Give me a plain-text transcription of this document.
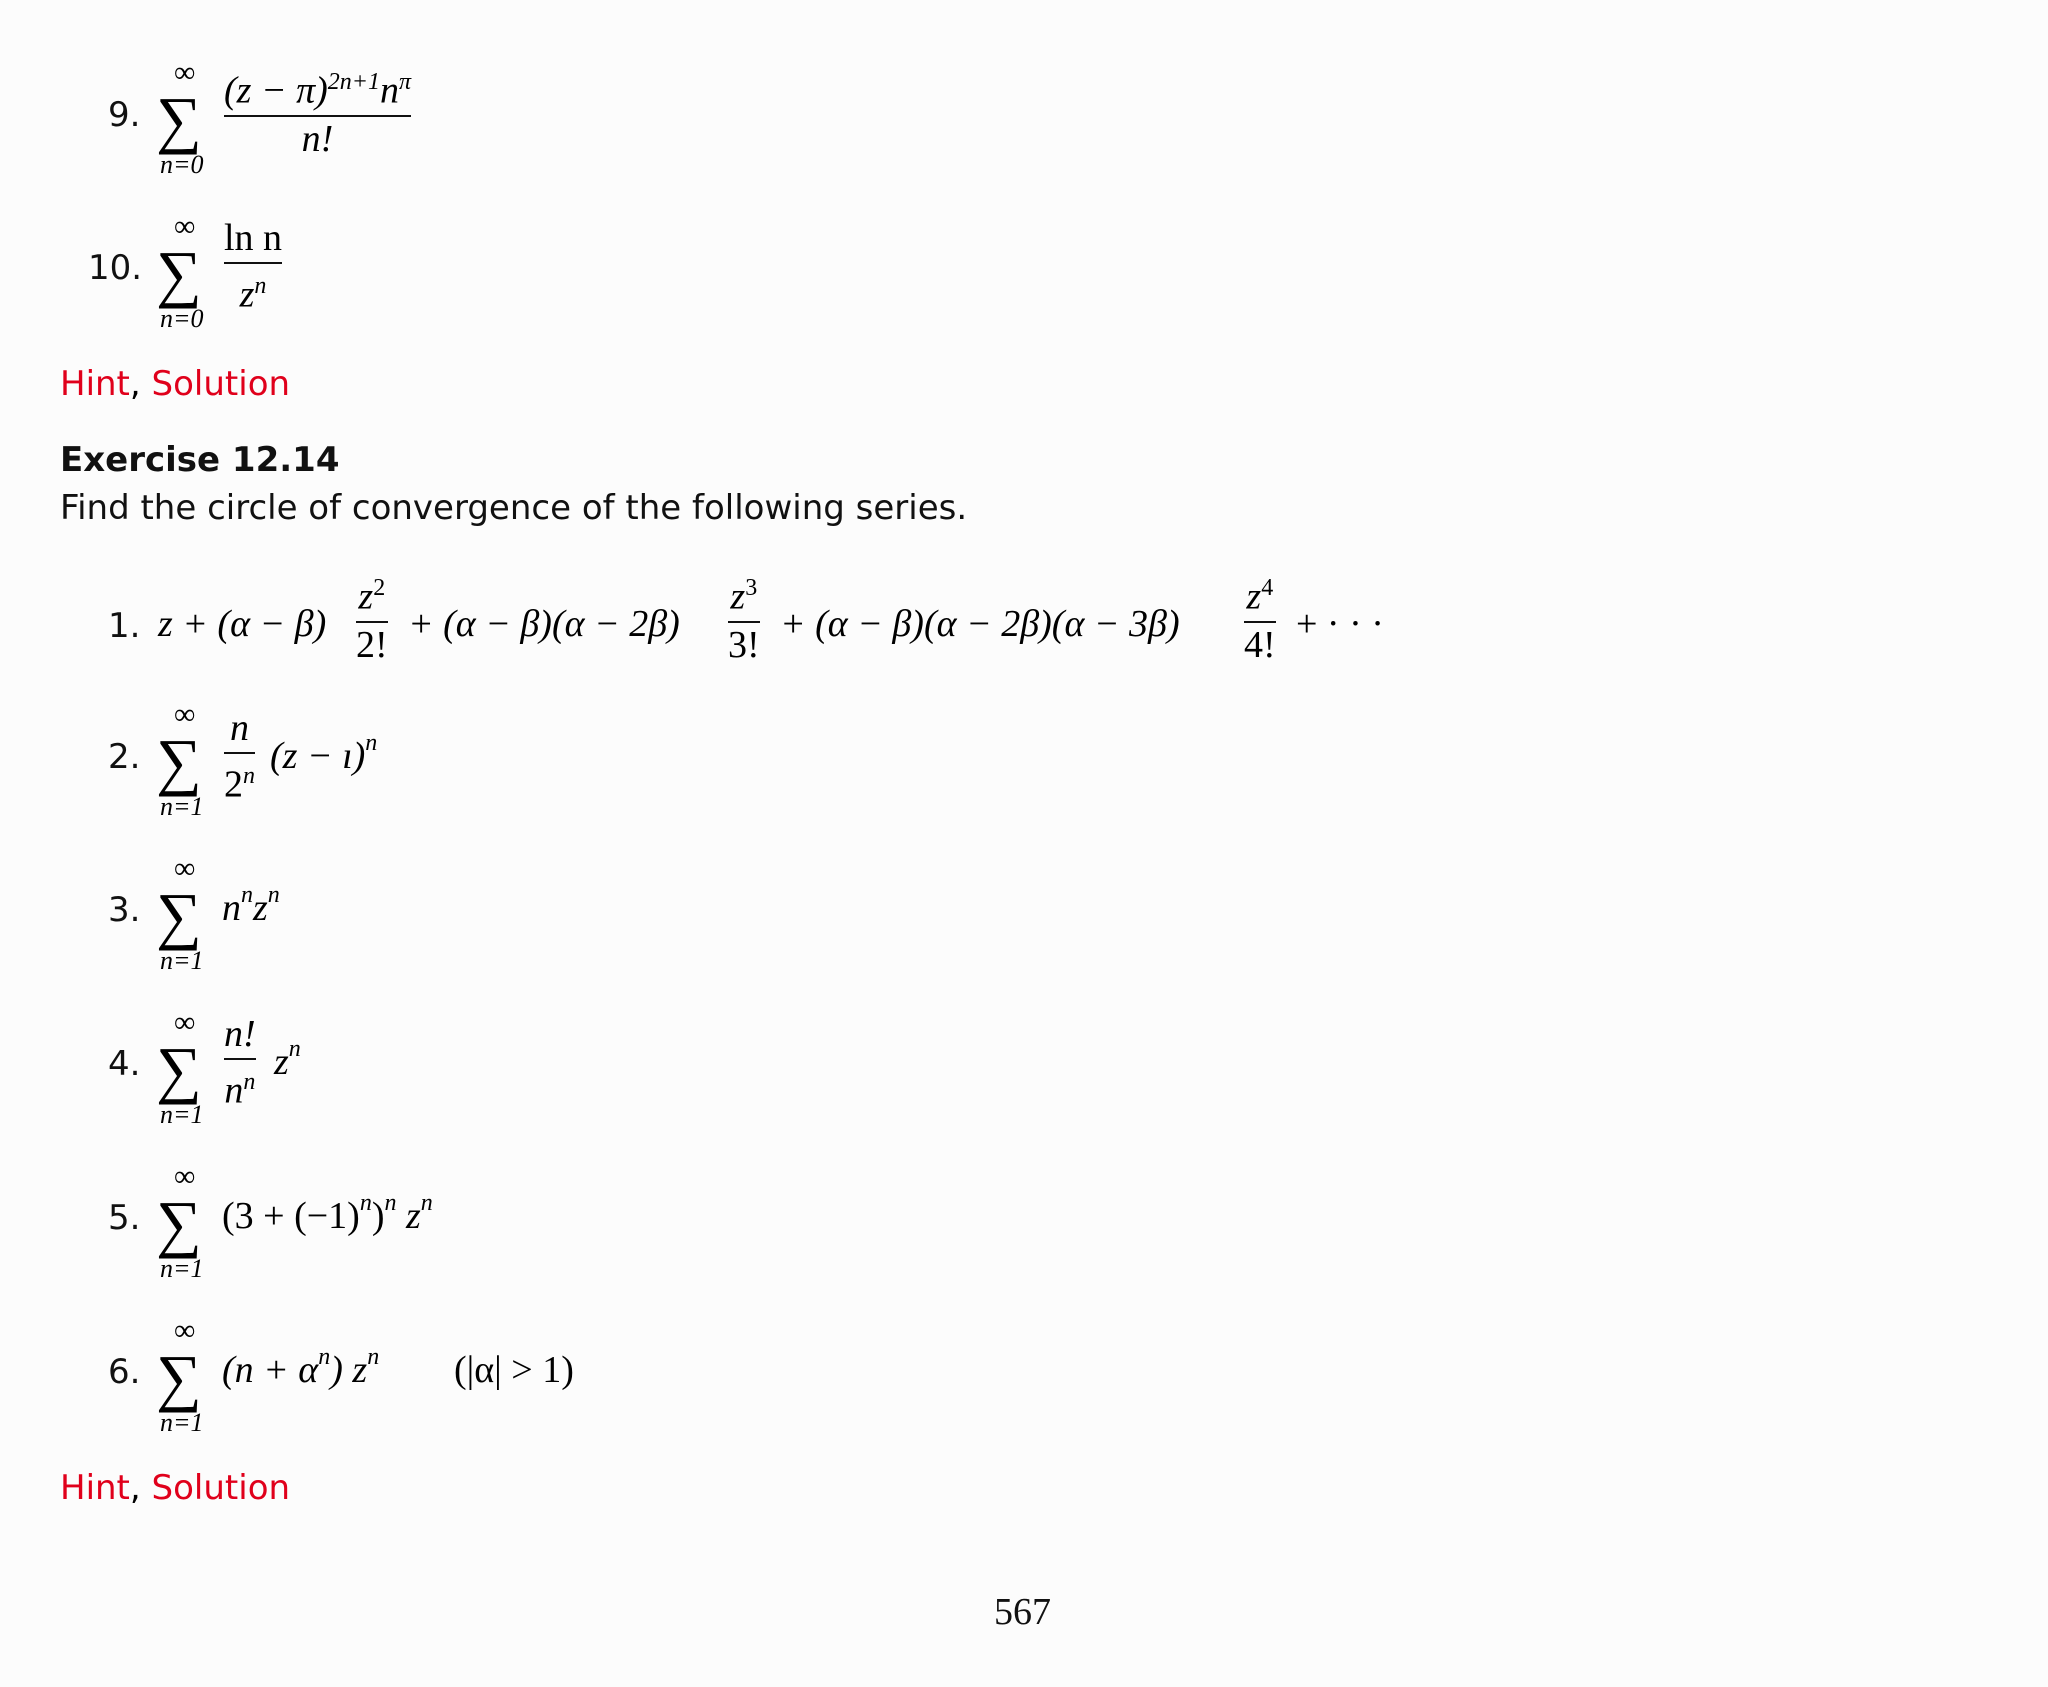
9.
∞
∑
n=0
$(z - \pi)^{2n+1}n^\pi$
n!
10.
∞
∑
n=0
ln n
$z^n$
Hint, Solution
Exercise 12.14
Find the circle of convergence of the following series.
1. z + (α − β)
$z^2$
2! + (α − β)(α − 2β)
$z^3$
3! + (α − β)(α − 2β)(α − 3β)
$z^4$
4! + · · ·
2.
∞
∑
n=1
n
2$^n$ (z − ı)$^n$
3.
∞
∑
n=1
$n^nz^n$
4.
∞
∑
n=1
n!
$n^n$ $z^n$
5.
∞
∑
n=1
$(3 + (-1)^n)^n$ $z^n$
6.
∞
∑
n=1
$(n + \alpha^n)$ $z^n$ (|α| > 1)
Hint, Solution
567
